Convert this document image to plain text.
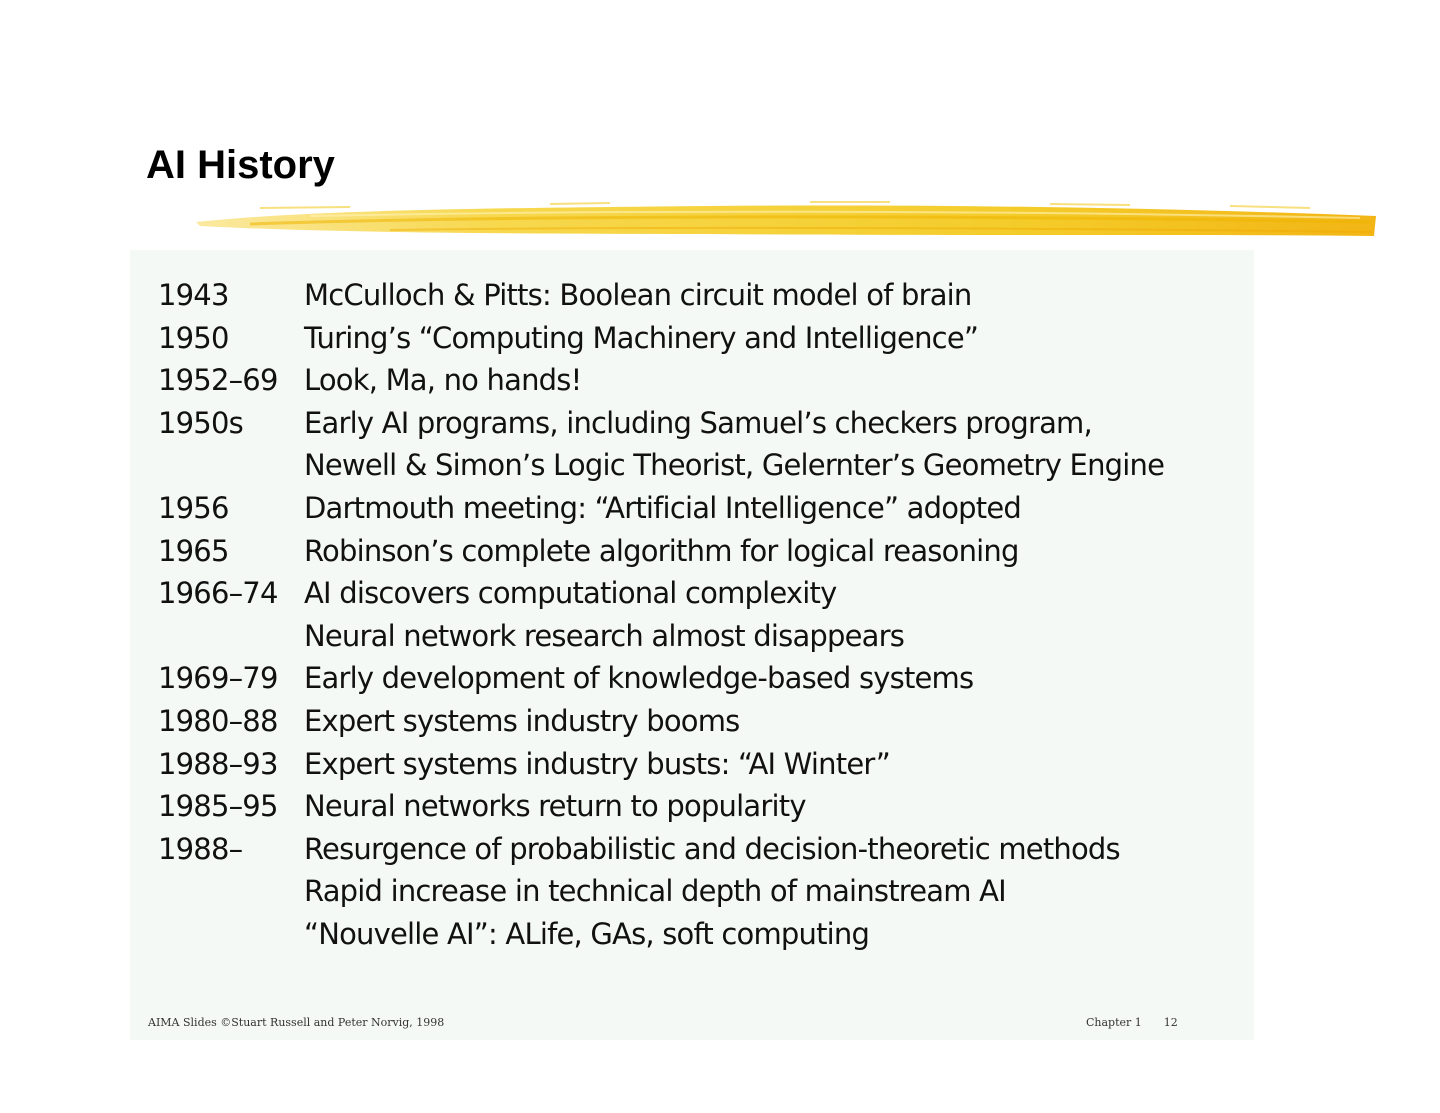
AI History
1943	McCulloch & Pitts: Boolean circuit model of brain
1950	Turing’s “Computing Machinery and Intelligence”
1952–69 Look, Ma, no hands!
1950s	Early AI programs, including Samuel’s checkers program,
Newell & Simon’s Logic Theorist, Gelernter’s Geometry Engine
1956	Dartmouth meeting: “Artificial Intelligence” adopted
1965	Robinson’s complete algorithm for logical reasoning
1966–74 AI discovers computational complexity
Neural network research almost disappears
1969–79 Early development of knowledge-based systems
1980–88 Expert systems industry booms
1988–93 Expert systems industry busts: “AI Winter”
1985–95 Neural networks return to popularity
1988–	Resurgence of probabilistic and decision-theoretic methods
Rapid increase in technical depth of mainstream AI
“Nouvelle AI”: ALife, GAs, soft computing
AIMA Slides ©Stuart Russell and Peter Norvig, 1998	Chapter 1 12
